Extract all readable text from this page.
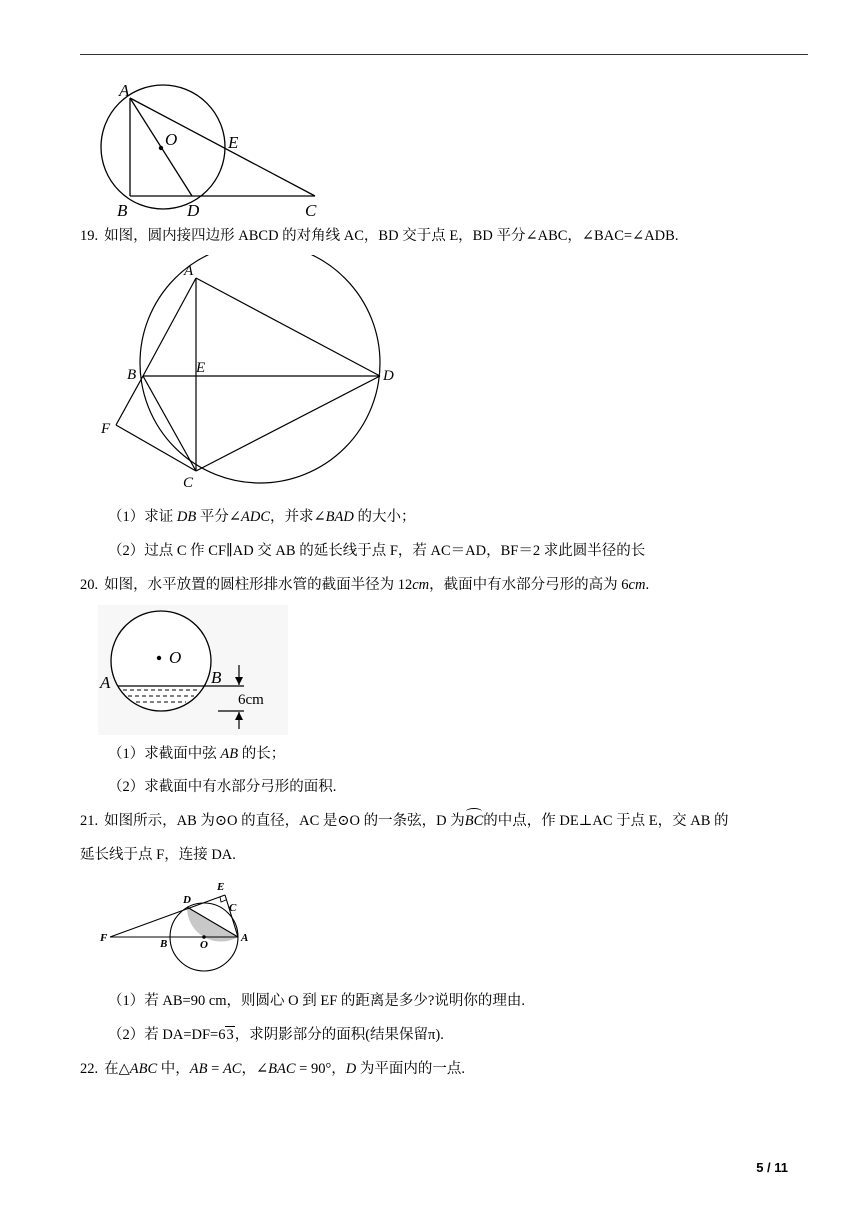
A
O	E
B	D	C
19. 如图，圆内接四边形 ABCD 的对角线 AC，BD 交于点 E，BD 平分∠ABC，∠BAC=∠ADB.
A
B	E	D
F
C
（1）求证 DB 平分∠ADC，并求∠BAD 的大小；
（2）过点 C 作 CF∥AD 交 AB 的延长线于点 F，若 AC＝AD，BF＝2 求此圆半径的长
20. 如图，水平放置的圆柱形排水管的截面半径为 12cm，截面中有水部分弓形的高为 6cm.
O
A	B
6cm
（1）求截面中弦 AB 的长；
（2）求截面中有水部分弓形的面积.
21. 如图所示，AB 为⊙O 的直径，AC 是⊙O 的一条弦，D 为BC的中点，作 DE⊥AC 于点 E，交 AB 的
延长线于点 F，连接 DA.
D
E
C
F	B	O
A
（1）若 AB=90 cm，则圆心 O 到 EF 的距离是多少?说明你的理由.
（2）若 DA=DF=63，求阴影部分的面积(结果保留π).
22. 在△ABC 中，AB = AC，∠BAC = 90°，D 为平面内的一点.
5 / 11
